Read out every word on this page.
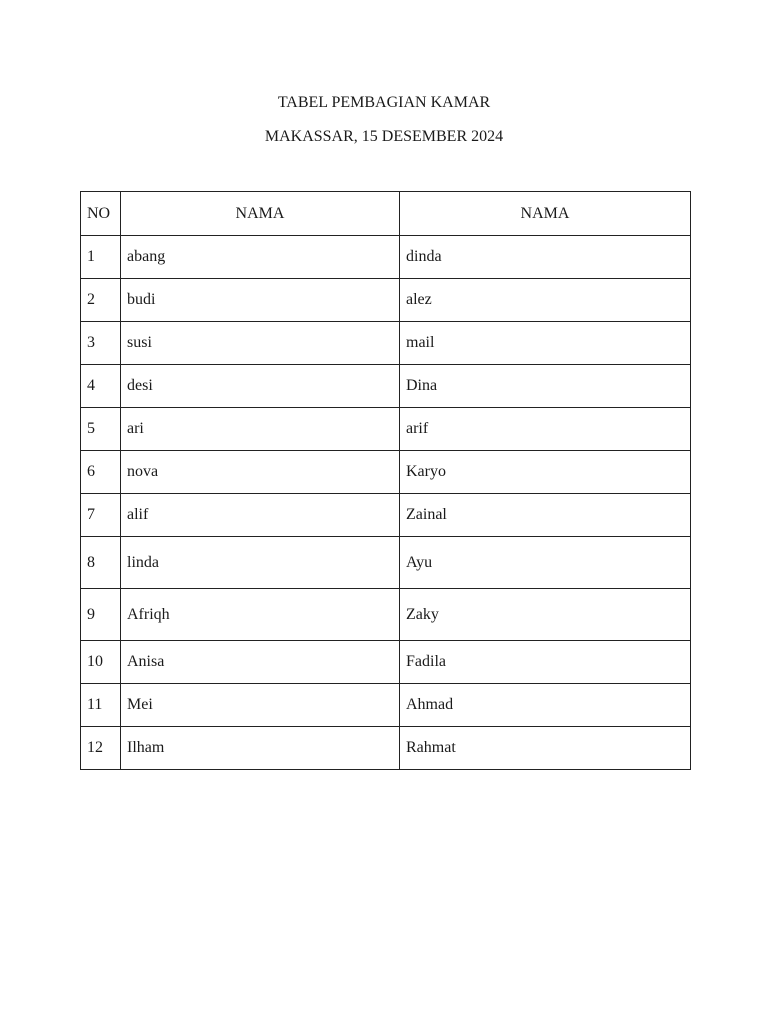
TABEL PEMBAGIAN KAMAR
MAKASSAR, 15 DESEMBER 2024
NO	NAMA	NAMA
1	abang	dinda
2	budi	alez
3	susi	mail
4	desi	Dina
5	ari	arif
6	nova	Karyo
7	alif	Zainal
8	linda	Ayu
9	Afriqh	Zaky
10	Anisa	Fadila
11	Mei	Ahmad
12	Ilham	Rahmat
